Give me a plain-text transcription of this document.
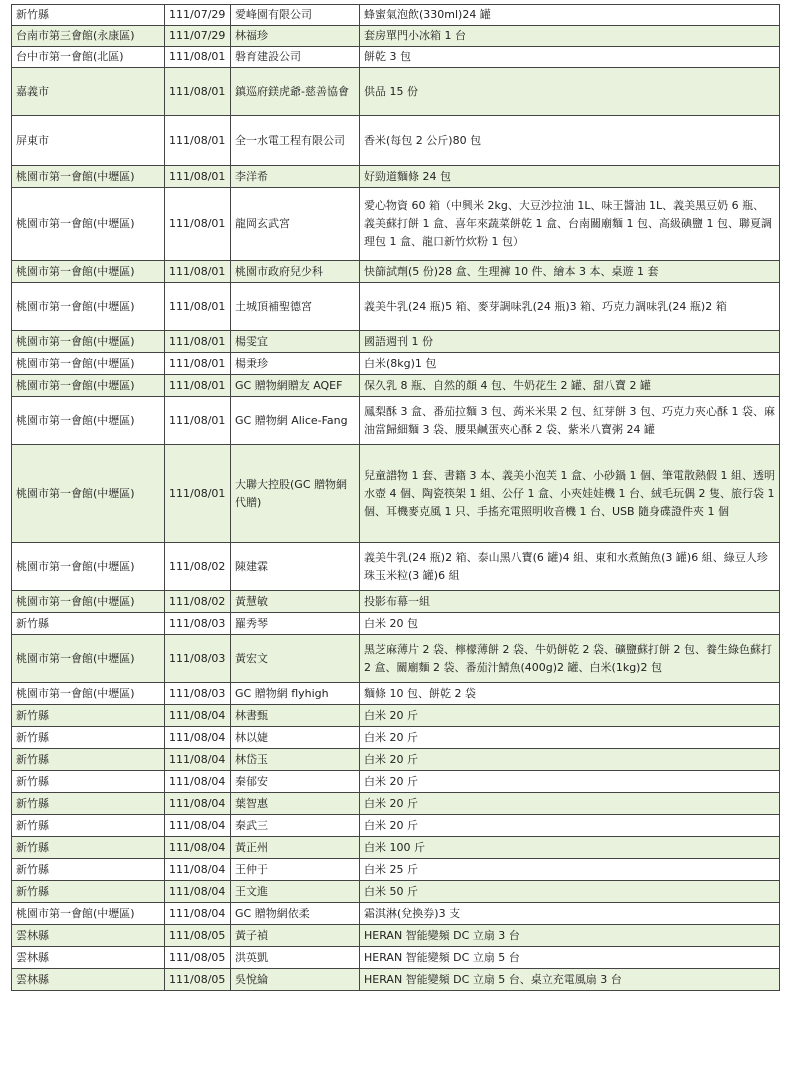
新竹縣	111/07/29	愛峰園有限公司	蜂蜜氣泡飲(330ml)24 罐
台南市第三會館(永康區)	111/07/29	林福珍	套房單門小冰箱 1 台
台中市第一會館(北區)	111/08/01	磐育建設公司	餅乾 3 包
嘉義市	111/08/01	鎮巡府鎂虎爺-慈善協會	供品 15 份
屏東市	111/08/01	全一水電工程有限公司	香米(每包 2 公斤)80 包
桃園市第一會館(中壢區)	111/08/01	李洋希	好勁道麵條 24 包
桃園市第一會館(中壢區)	111/08/01	龍岡玄武宮	愛心物資 60 箱（中興米 2kg、大豆沙拉油 1L、味王醬油 1L、義美黑豆奶 6 瓶、義美蘇打餅 1 盒、喜年來蔬菜餅乾 1 盒、台南關廟麵 1 包、高級碘鹽 1 包、聯夏調理包 1 盒、龍口新竹炊粉 1 包）
桃園市第一會館(中壢區)	111/08/01	桃園市政府兒少科	快篩試劑(5 份)28 盒、生理褲 10 件、繪本 3 本、桌遊 1 套
桃園市第一會館(中壢區)	111/08/01	土城頂補聖德宮	義美牛乳(24 瓶)5 箱、麥芽調味乳(24 瓶)3 箱、巧克力調味乳(24 瓶)2 箱
桃園市第一會館(中壢區)	111/08/01	楊雯宜	國語週刊 1 份
桃園市第一會館(中壢區)	111/08/01	楊秉珍	白米(8kg)1 包
桃園市第一會館(中壢區)	111/08/01	GC 贈物網贈友 AQEF	保久乳 8 瓶、自然的顏 4 包、牛奶花生 2 罐、甜八寶 2 罐
桃園市第一會館(中壢區)	111/08/01	GC 贈物網 Alice-Fang	鳳梨酥 3 盒、番茄拉麵 3 包、蒟米米果 2 包、紅芽餅 3 包、巧克力夾心酥 1 袋、麻油當歸細麵 3 袋、腰果鹹蛋夾心酥 2 袋、紫米八寶粥 24 罐
桃園市第一會館(中壢區)	111/08/01	大聯大控股(GC 贈物網代贈)	兒童譜物 1 套、書籍 3 本、義美小泡芙 1 盒、小砂鍋 1 個、筆電散熱假 1 組、透明水壺 4 個、陶瓷筷架 1 組、公仔 1 盒、小夾娃娃機 1 台、絨毛玩偶 2 隻、旅行袋 1 個、耳機麥克風 1 只、手搖充電照明收音機 1 台、USB 隨身碟證件夾 1 個
桃園市第一會館(中壢區)	111/08/02	陳建霖	義美牛乳(24 瓶)2 箱、泰山黑八寶(6 罐)4 組、東和水煮鮪魚(3 罐)6 組、綠豆人珍珠玉米粒(3 罐)6 組
桃園市第一會館(中壢區)	111/08/02	黃慧敏	投影布幕一組
新竹縣	111/08/03	羅秀琴	白米 20 包
桃園市第一會館(中壢區)	111/08/03	黃宏文	黑芝麻薄片 2 袋、檸檬薄餅 2 袋、牛奶餅乾 2 袋、礦鹽蘇打餅 2 包、養生綠色蘇打 2 盒、關廟麵 2 袋、番茄汁鯖魚(400g)2 罐、白米(1kg)2 包
桃園市第一會館(中壢區)	111/08/03	GC 贈物網 flyhigh	麵條 10 包、餅乾 2 袋
新竹縣	111/08/04	林書甄	白米 20 斤
新竹縣	111/08/04	林以婕	白米 20 斤
新竹縣	111/08/04	林岱玉	白米 20 斤
新竹縣	111/08/04	秦郁安	白米 20 斤
新竹縣	111/08/04	葉智惠	白米 20 斤
新竹縣	111/08/04	秦武三	白米 20 斤
新竹縣	111/08/04	黃正州	白米 100 斤
新竹縣	111/08/04	王仲于	白米 25 斤
新竹縣	111/08/04	王文進	白米 50 斤
桃園市第一會館(中壢區)	111/08/04	GC 贈物網依柔	霜淇淋(兌換券)3 支
雲林縣	111/08/05	黃子禎	HERAN 智能變頻 DC 立扇 3 台
雲林縣	111/08/05	洪英凱	HERAN 智能變頻 DC 立扇 5 台
雲林縣	111/08/05	吳悅綸	HERAN 智能變頻 DC 立扇 5 台、桌立充電風扇 3 台
